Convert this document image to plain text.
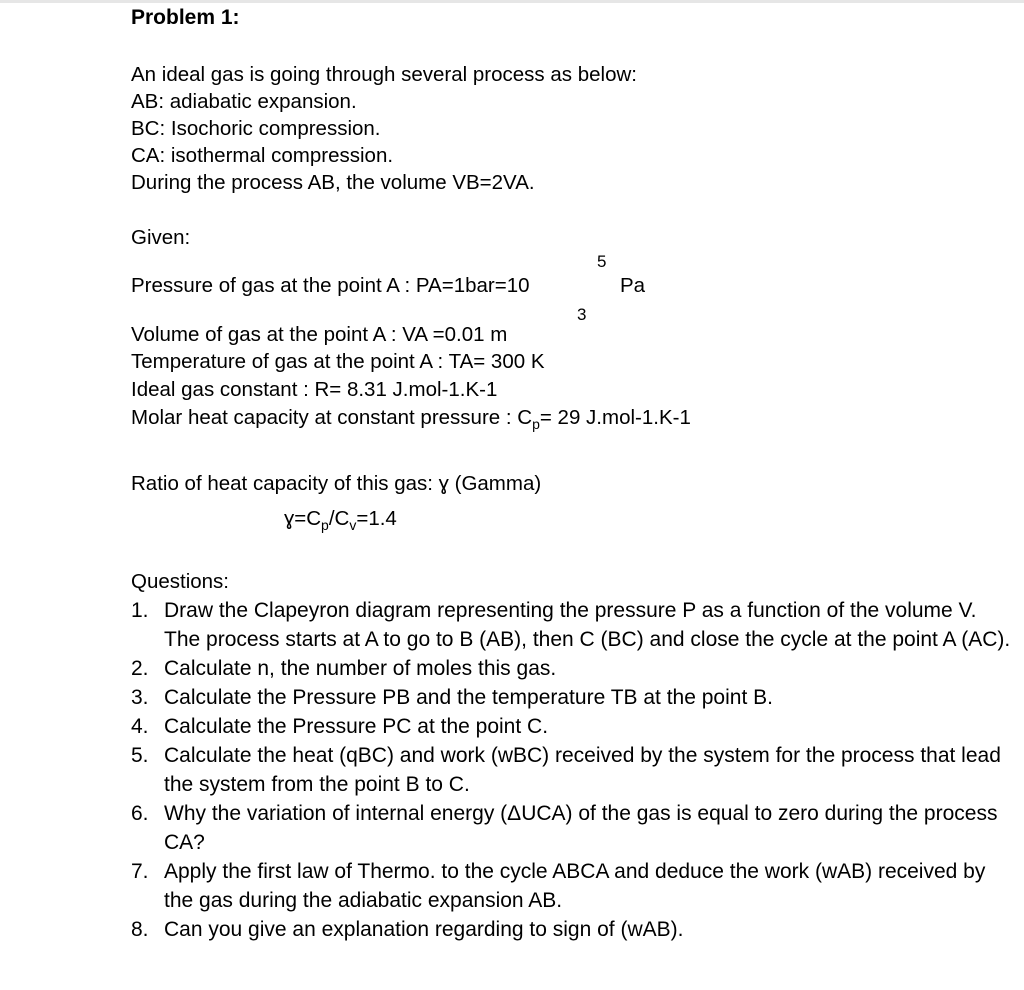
Problem 1:
An ideal gas is going through several process as below:
AB: adiabatic expansion.
BC: Isochoric compression.
CA: isothermal compression.
During the process AB, the volume VB=2VA.
Given:
5
Pressure of gas at the point A : PA=1bar=10	Pa
3
Volume of gas at the point A : VA =0.01 m
Temperature of gas at the point A : TA= 300 K
Ideal gas constant : R= 8.31 J.mol-1.K-1
Molar heat capacity at constant pressure : $C_p= 29$ J.mol-1.K-1
Ratio of heat capacity of this gas: ɣ (Gamma)
$ɣ=C_p/C_v=1.4$
Questions:
1. Draw the Clapeyron diagram representing the pressure P as a function of the volume V. The process starts at A to go to B (AB), then C (BC) and close the cycle at the point A (AC).
2. Calculate n, the number of moles this gas.
3. Calculate the Pressure PB and the temperature TB at the point B.
4. Calculate the Pressure PC at the point C.
5. Calculate the heat (qBC) and work (wBC) received by the system for the process that lead the system from the point B to C.
6. Why the variation of internal energy (ΔUCA) of the gas is equal to zero during the process CA?
7. Apply the first law of Thermo. to the cycle ABCA and deduce the work (wAB) received by the gas during the adiabatic expansion AB.
8. Can you give an explanation regarding to sign of (wAB).
